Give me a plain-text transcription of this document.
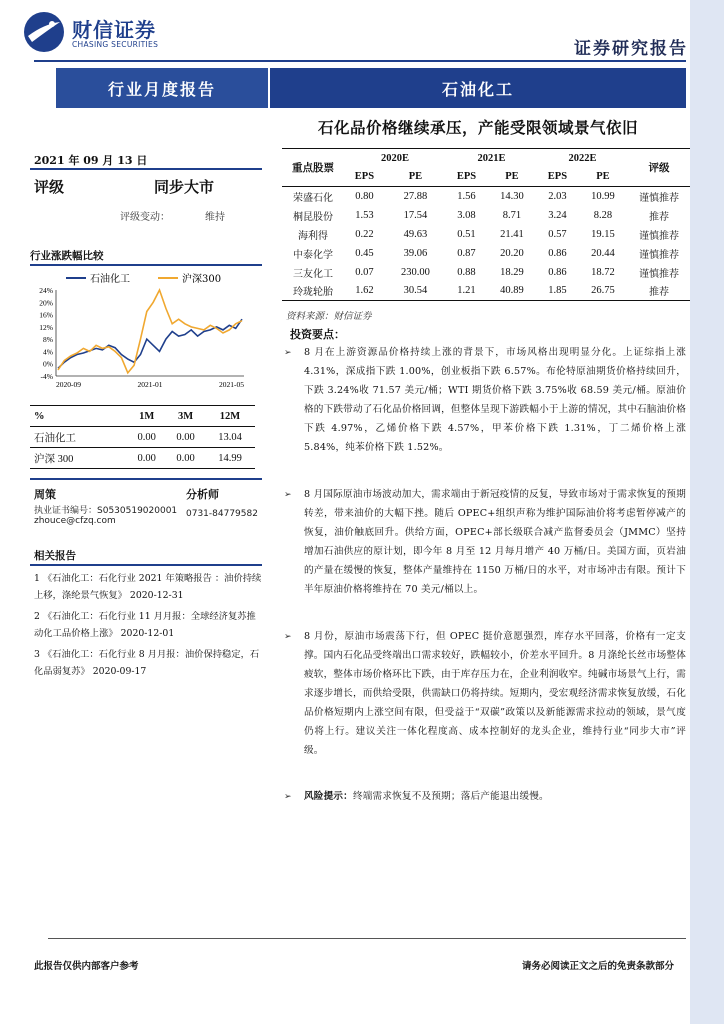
财信证券
CHASING SECURITIES	证券研究报告
行业月度报告	石油化工
石化品价格继续承压，产能受限领域景气依旧
2021 年 09 月 13 日
评级	同步大市
评级变动：	维持
行业涨跌幅比较
石油化工	沪深300
24%
20%
16%
12%
8%
4%
0%
-4%
2020-09	2021-01	2021-05
%	1M	3M	12M
石油化工	0.00	0.00	13.04
沪深 300	0.00	0.00	14.99
周策	分析师
执业证书编号：S0530519020001 0731-84779582
zhouce@cfzq.com
相关报告
1 《石油化工：石化行业 2021 年策略报告 ：油价持续上移，涤纶景气恢复》 2020-12-31
2 《石油化工：石化行业 11 月月报：全球经济复苏推动化工品价格上涨》 2020-12-01
3 《石油化工：石化行业 8 月月报：油价保持稳定，石化品弱复苏》 2020-09-17
重点股票	2020E		2021E		2022E		评级
	EPS	PE	EPS	PE	EPS	PE	
荣盛石化	0.80	27.88	1.56	14.30	2.03	10.99	谨慎推荐
桐昆股份	1.53	17.54	3.08	8.71	3.24	8.28	推荐
海利得	0.22	49.63	0.51	21.41	0.57	19.15	谨慎推荐
中泰化学	0.45	39.06	0.87	20.20	0.86	20.44	谨慎推荐
三友化工	0.07	230.00	0.88	18.29	0.86	18.72	谨慎推荐
玲珑轮胎	1.62	30.54	1.21	40.89	1.85	26.75	推荐
资料来源：财信证券
投资要点：
➢ 8 月在上游资源品价格持续上涨的背景下，市场风格出现明显分化。上证综指上涨 4.31%，深成指下跌 1.00%，创业板指下跌 6.57%。布伦特原油期货价格持续回升，下跌 3.24%收 71.57 美元/桶；WTI 期货价格下跌 3.75%收 68.59 美元/桶。原油价格的下跌带动了石化品价格回调，但整体呈现下游跌幅小于上游的情况，其中石脑油价格下跌 4.97%，乙烯价格下跌 4.57%，甲苯价格下跌 1.31%，丁二烯价格上涨 5.84%，纯苯价格下跌 1.52%。
➢ 8 月国际原油市场波动加大，需求端由于新冠疫情的反复，导致市场对于需求恢复的预期转差，带来油价的大幅下挫。随后 OPEC+组织声称为维护国际油价将考虑暂停减产的恢复，油价触底回升。供给方面，OPEC+部长级联合减产监督委员会（JMMC）坚持增加石油供应的原计划，即今年 8 月至 12 月每月增产 40 万桶/日。美国方面，页岩油的产量在缓慢的恢复，整体产量维持在 1150 万桶/日的水平，对市场冲击有限。预计下半年原油价格将维持在 70 美元/桶以上。
➢ 8 月份，原油市场震荡下行，但 OPEC 挺价意愿强烈，库存水平回落，价格有一定支撑。国内石化品受终端出口需求较好，跌幅较小，价差水平回升。8 月涤纶长丝市场整体疲软，整体市场价格环比下跌，由于库存压力在，企业利润收窄。纯碱市场景气上行，需求逐步增长，而供给受限，供需缺口仍将持续。短期内，受宏观经济需求恢复放缓，石化品价格短期内上涨空间有限，但受益于“双碳”政策以及新能源需求拉动的领域，景气度仍将上行。建议关注一体化程度高、成本控制好的龙头企业，维持行业“同步大市”评级。
➢ 风险提示：终端需求恢复不及预期；落后产能退出缓慢。
此报告仅供内部客户参考	请务必阅读正文之后的免责条款部分
